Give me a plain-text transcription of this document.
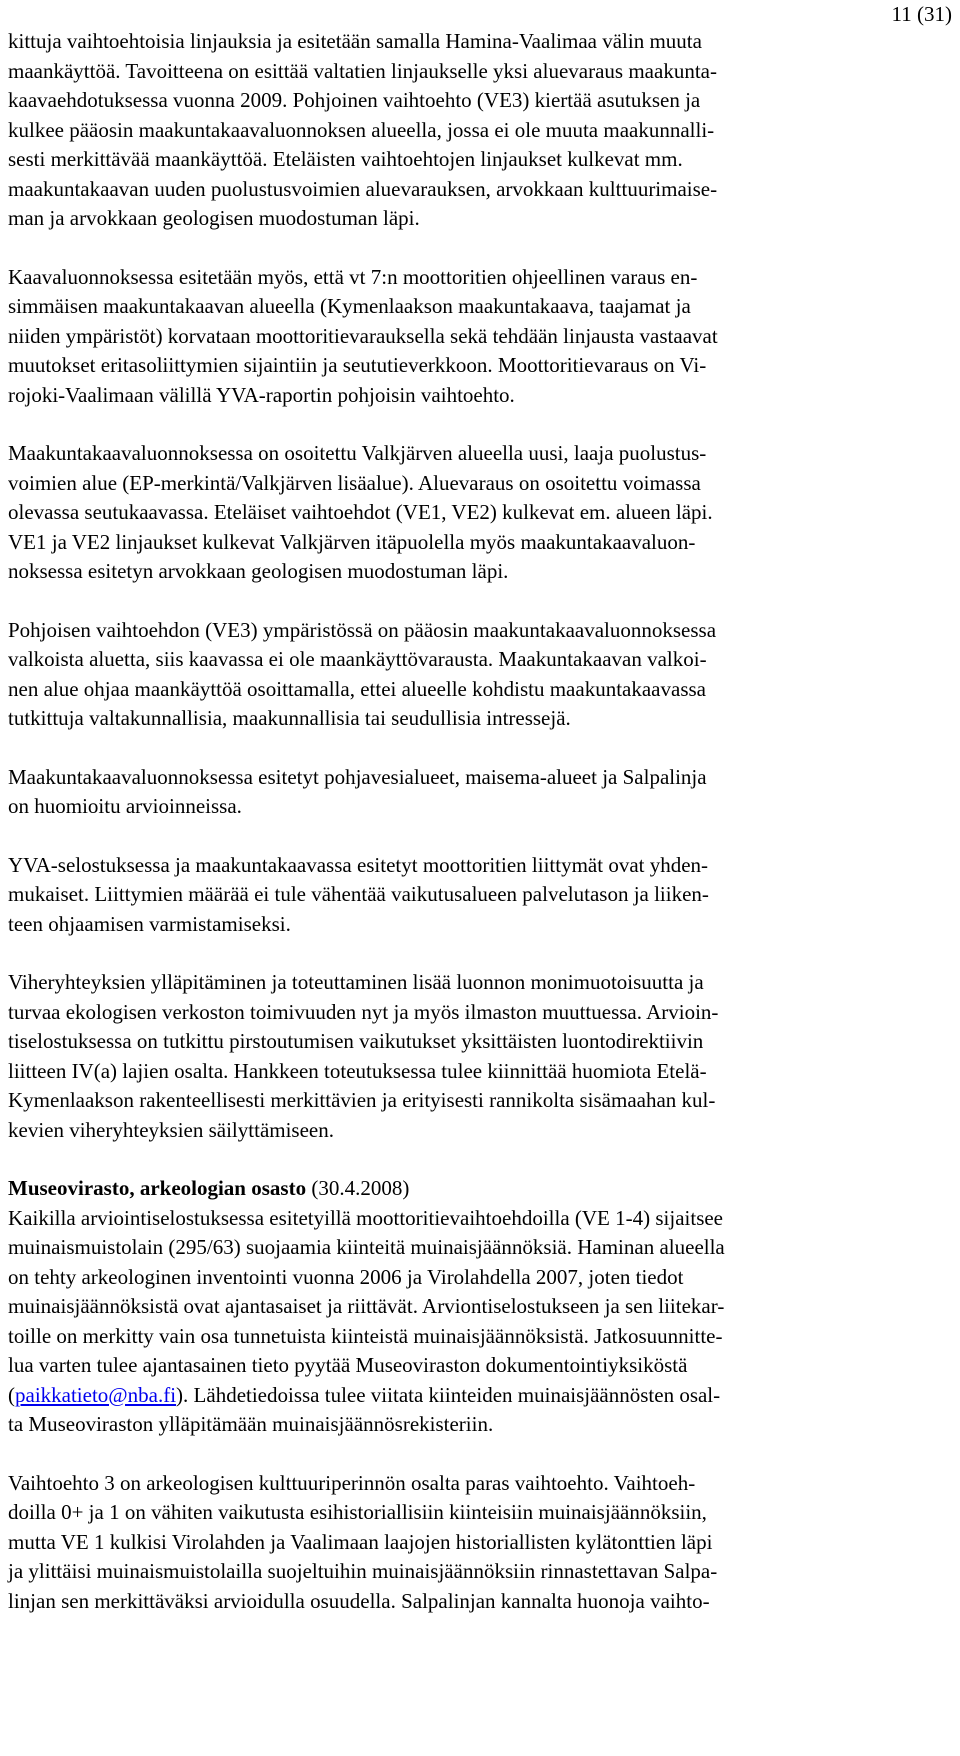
11 (31)
kittuja vaihtoehtoisia linjauksia ja esitetään samalla Hamina-Vaalimaa välin muuta
maankäyttöä. Tavoitteena on esittää valtatien linjaukselle yksi aluevaraus maakunta-
kaavaehdotuksessa vuonna 2009. Pohjoinen vaihtoehto (VE3) kiertää asutuksen ja
kulkee pääosin maakuntakaavaluonnoksen alueella, jossa ei ole muuta maakunnalli-
sesti merkittävää maankäyttöä. Eteläisten vaihtoehtojen linjaukset kulkevat mm.
maakuntakaavan uuden puolustusvoimien aluevarauksen, arvokkaan kulttuurimaise-
man ja arvokkaan geologisen muodostuman läpi.
Kaavaluonnoksessa esitetään myös, että vt 7:n moottoritien ohjeellinen varaus en-
simmäisen maakuntakaavan alueella (Kymenlaakson maakuntakaava, taajamat ja
niiden ympäristöt) korvataan moottoritievarauksella sekä tehdään linjausta vastaavat
muutokset eritasoliittymien sijaintiin ja seututieverkkoon. Moottoritievaraus on Vi-
rojoki-Vaalimaan välillä YVA-raportin pohjoisin vaihtoehto.
Maakuntakaavaluonnoksessa on osoitettu Valkjärven alueella uusi, laaja puolustus-
voimien alue (EP-merkintä/Valkjärven lisäalue). Aluevaraus on osoitettu voimassa
olevassa seutukaavassa. Eteläiset vaihtoehdot (VE1, VE2) kulkevat em. alueen läpi.
VE1 ja VE2 linjaukset kulkevat Valkjärven itäpuolella myös maakuntakaavaluon-
noksessa esitetyn arvokkaan geologisen muodostuman läpi.
Pohjoisen vaihtoehdon (VE3) ympäristössä on pääosin maakuntakaavaluonnoksessa
valkoista aluetta, siis kaavassa ei ole maankäyttövarausta. Maakuntakaavan valkoi-
nen alue ohjaa maankäyttöä osoittamalla, ettei alueelle kohdistu maakuntakaavassa
tutkittuja valtakunnallisia, maakunnallisia tai seudullisia intressejä.
Maakuntakaavaluonnoksessa esitetyt pohjavesialueet, maisema-alueet ja Salpalinja
on huomioitu arvioinneissa.
YVA-selostuksessa ja maakuntakaavassa esitetyt moottoritien liittymät ovat yhden-
mukaiset. Liittymien määrää ei tule vähentää vaikutusalueen palvelutason ja liiken-
teen ohjaamisen varmistamiseksi.
Viheryhteyksien ylläpitäminen ja toteuttaminen lisää luonnon monimuotoisuutta ja
turvaa ekologisen verkoston toimivuuden nyt ja myös ilmaston muuttuessa. Arvioin-
tiselostuksessa on tutkittu pirstoutumisen vaikutukset yksittäisten luontodirektiivin
liitteen IV(a) lajien osalta. Hankkeen toteutuksessa tulee kiinnittää huomiota Etelä-
Kymenlaakson rakenteellisesti merkittävien ja erityisesti rannikolta sisämaahan kul-
kevien viheryhteyksien säilyttämiseen.
Museovirasto, arkeologian osasto (30.4.2008)
Kaikilla arviointiselostuksessa esitetyillä moottoritievaihtoehdoilla (VE 1-4) sijaitsee
muinaismuistolain (295/63) suojaamia kiinteitä muinaisjäännöksiä. Haminan alueella
on tehty arkeologinen inventointi vuonna 2006 ja Virolahdella 2007, joten tiedot
muinaisjäännöksistä ovat ajantasaiset ja riittävät. Arviontiselostukseen ja sen liitekar-
toille on merkitty vain osa tunnetuista kiinteistä muinaisjäännöksistä. Jatkosuunnitte-
lua varten tulee ajantasainen tieto pyytää Museoviraston dokumentointiyksiköstä
(paikkatieto@nba.fi). Lähdetiedoissa tulee viitata kiinteiden muinaisjäännösten osal-
ta Museoviraston ylläpitämään muinaisjäännösrekisteriin.
Vaihtoehto 3 on arkeologisen kulttuuriperinnön osalta paras vaihtoehto. Vaihtoeh-
doilla 0+ ja 1 on vähiten vaikutusta esihistoriallisiin kiinteisiin muinaisjäännöksiin,
mutta VE 1 kulkisi Virolahden ja Vaalimaan laajojen historiallisten kylätonttien läpi
ja ylittäisi muinaismuistolailla suojeltuihin muinaisjäännöksiin rinnastettavan Salpa-
linjan sen merkittäväksi arvioidulla osuudella. Salpalinjan kannalta huonoja vaihto-
